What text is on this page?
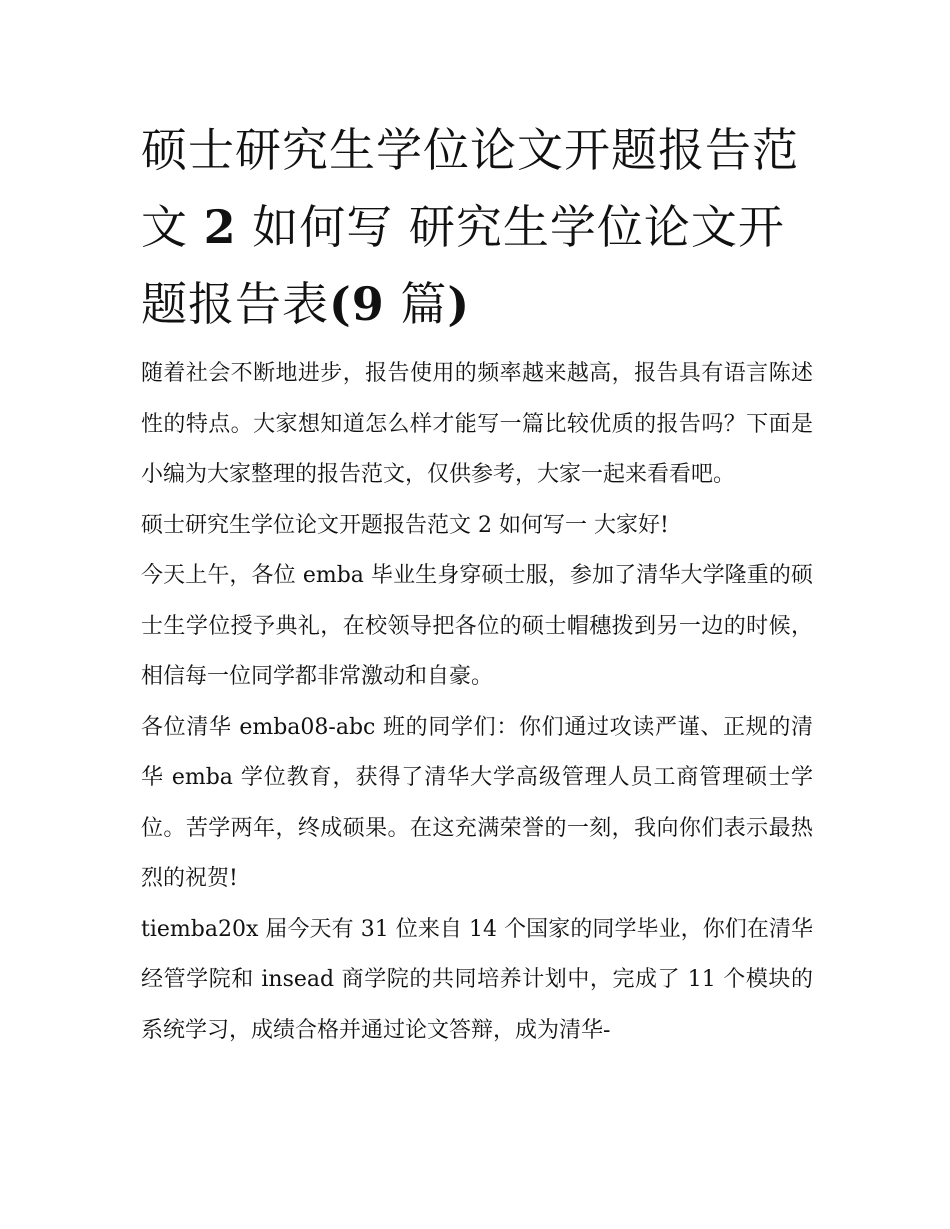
硕士研究生学位论文开题报告范文 2 如何写 研究生学位论文开题报告表(9 篇)

随着社会不断地进步，报告使用的频率越来越高，报告具有语言陈述性的特点。大家想知道怎么样才能写一篇比较优质的报告吗？下面是小编为大家整理的报告范文，仅供参考，大家一起来看看吧。

硕士研究生学位论文开题报告范文 2 如何写一 大家好!

今天上午，各位 emba 毕业生身穿硕士服，参加了清华大学隆重的硕士生学位授予典礼，在校领导把各位的硕士帽穗拨到另一边的时候，相信每一位同学都非常激动和自豪。

各位清华 emba08-abc 班的同学们：你们通过攻读严谨、正规的清华 emba 学位教育，获得了清华大学高级管理人员工商管理硕士学位。苦学两年，终成硕果。在这充满荣誉的一刻，我向你们表示最热烈的祝贺!

tiemba20x 届今天有 31 位来自 14 个国家的同学毕业，你们在清华经管学院和 insead 商学院的共同培养计划中，完成了 11 个模块的系统学习，成绩合格并通过论文答辩，成为清华-
